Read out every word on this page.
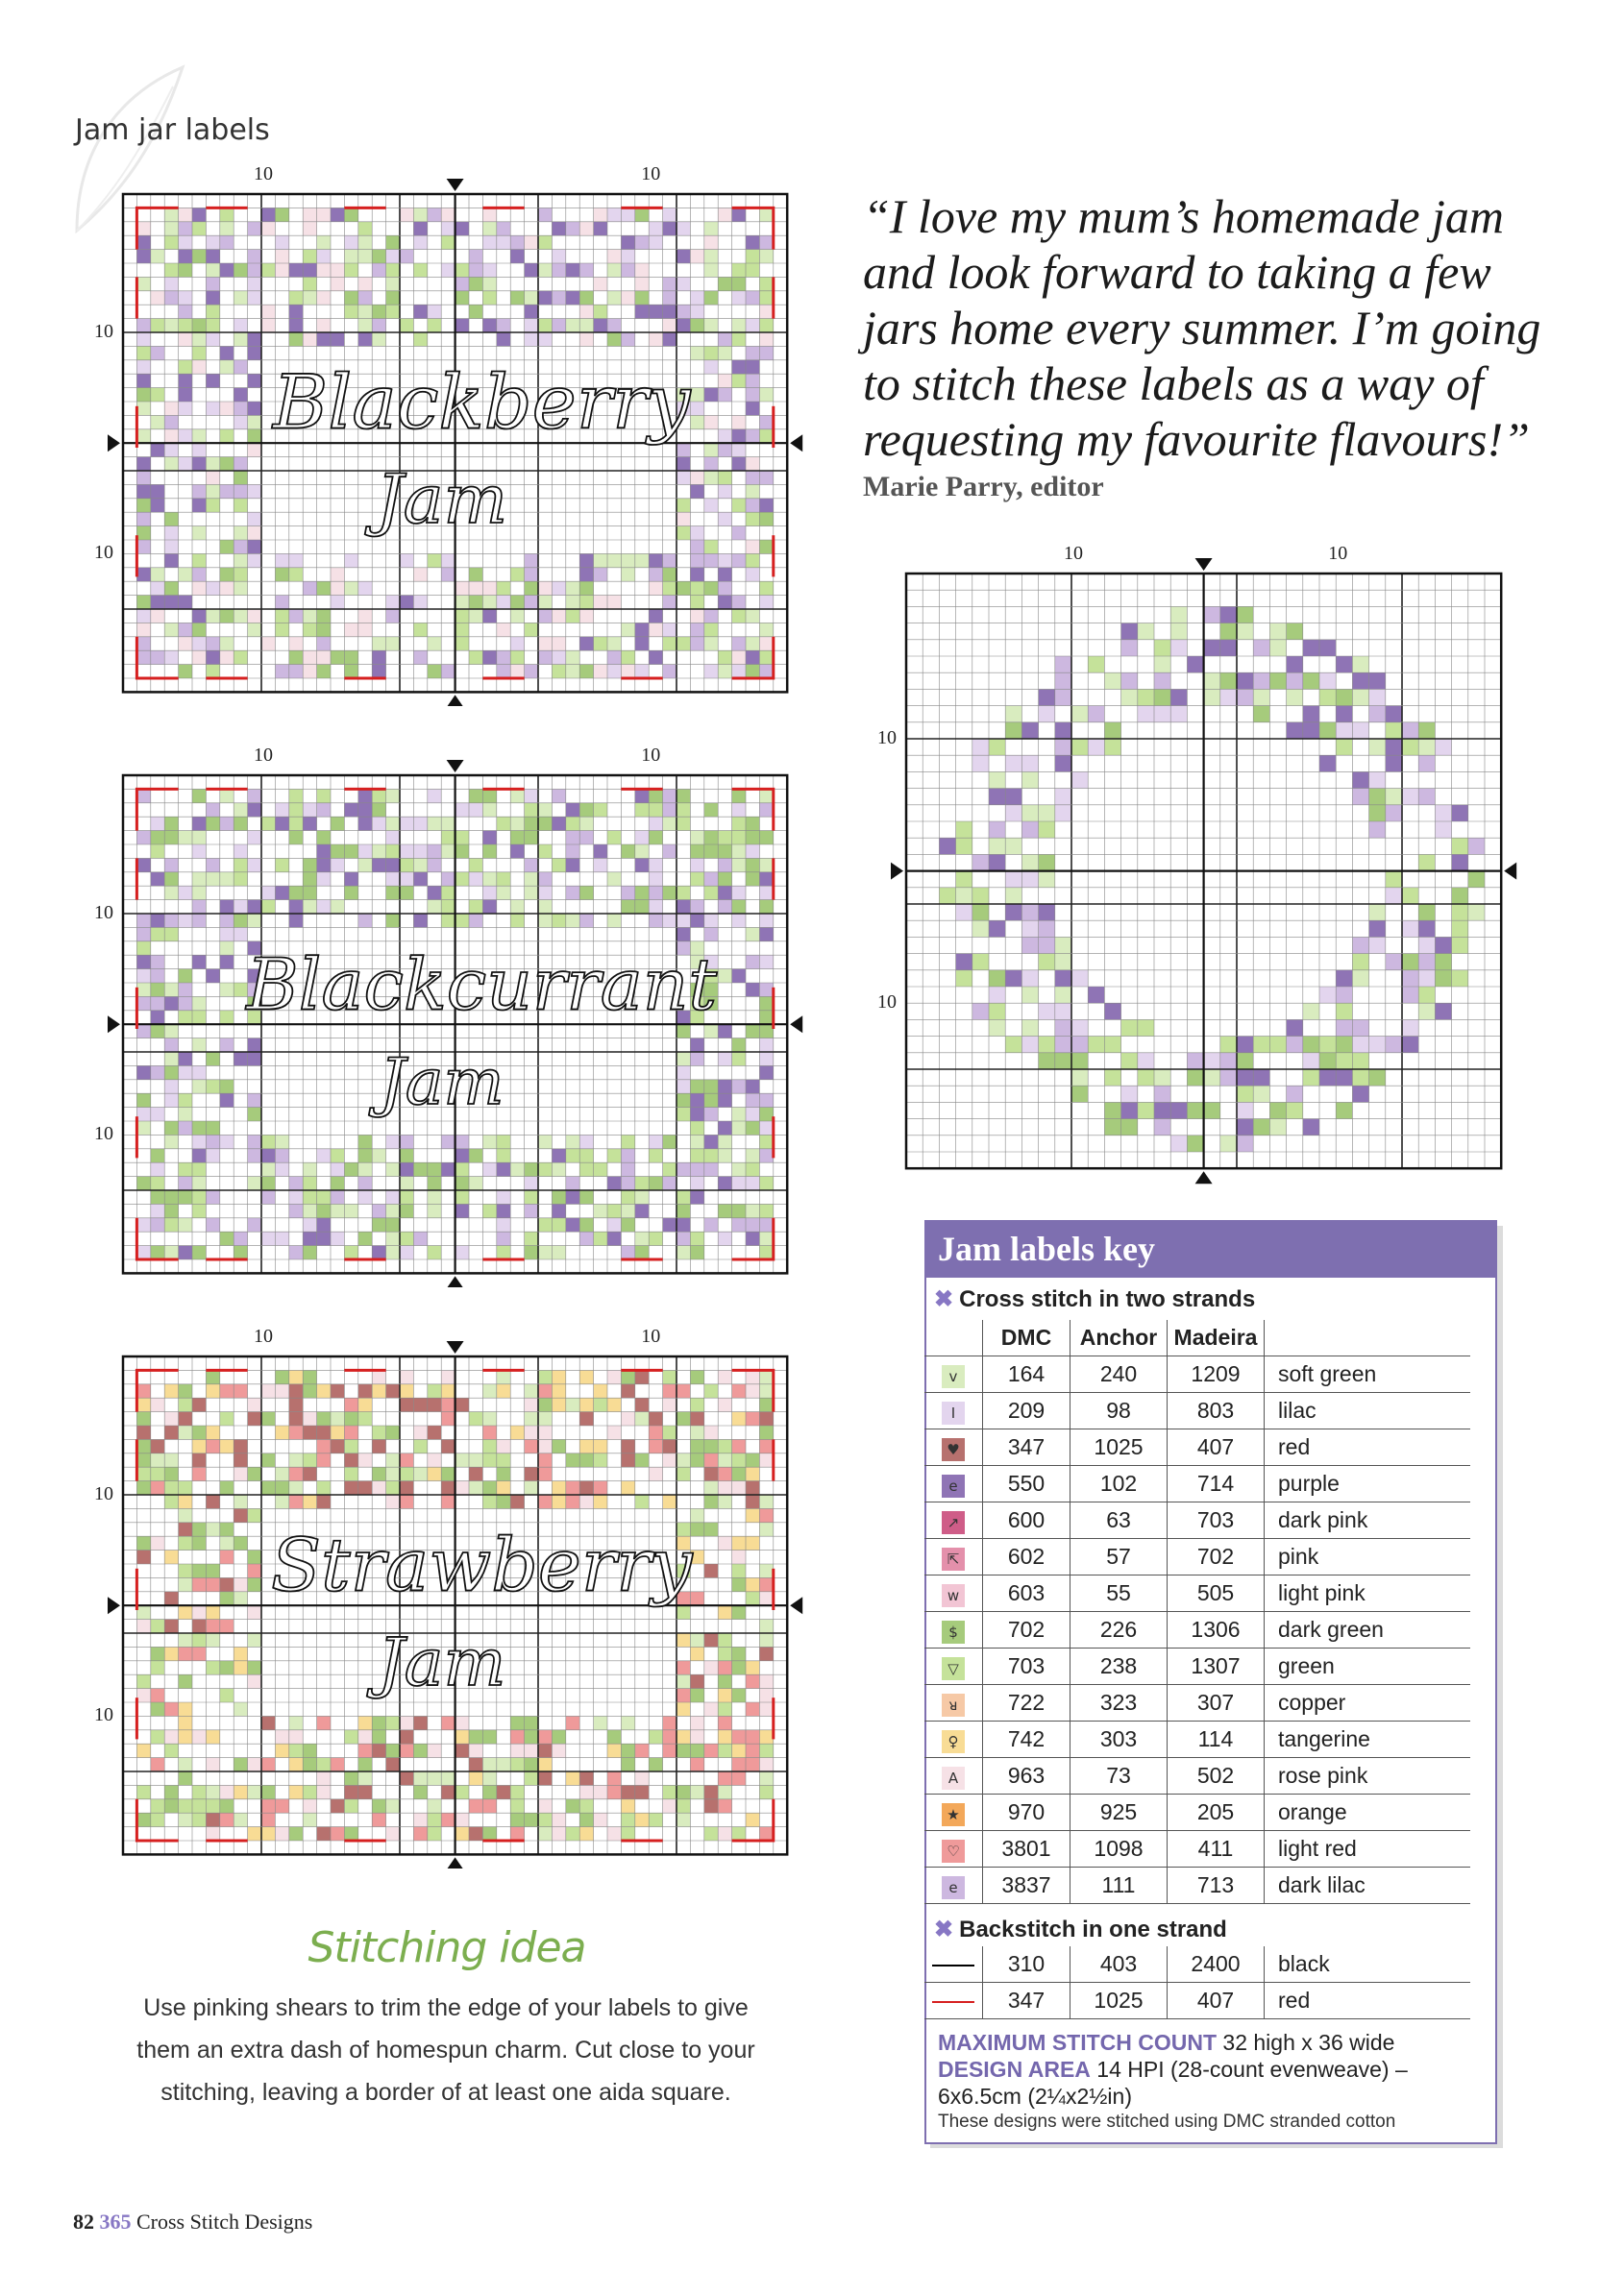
Jam jar labels
Blackberry
Jam
10	10
10
10
Blackcurrant
Jam
10	10
10
10
Strawberry
Jam
10	10
10
10
10	10
10
10
“I love my mum’s homemade jam and look forward to taking a few jars home every summer. I’m going to stitch these labels as a way of requesting my favourite flavours!”
Marie Parry, editor
Stitching idea
Use pinking shears to trim the edge of your labels to give them an extra dash of homespun charm. Cut close to your stitching, leaving a border of at least one aida square.
Jam labels key
✖ Cross stitch in two strands
	DMC	Anchor	Madeira	
v	164	240	1209	soft green
I	209	98	803	lilac
♥	347	1025	407	red
e	550	102	714	purple
↗	600	63	703	dark pink
⇱	602	57	702	pink
w	603	55	505	light pink
$	702	226	1306	dark green
▽	703	238	1307	green
ᴚ	722	323	307	copper
♀	742	303	114	tangerine
A	963	73	502	rose pink
★	970	925	205	orange
♡	3801	1098	411	light red
e	3837	111	713	dark lilac
✖ Backstitch in one strand
	310	403	2400	black
	347	1025	407	red
MAXIMUM STITCH COUNT 32 high x 36 wide
DESIGN AREA 14 HPI (28-count evenweave) – 6x6.5cm (2¼x2½in)
These designs were stitched using DMC stranded cotton
82 365 Cross Stitch Designs
